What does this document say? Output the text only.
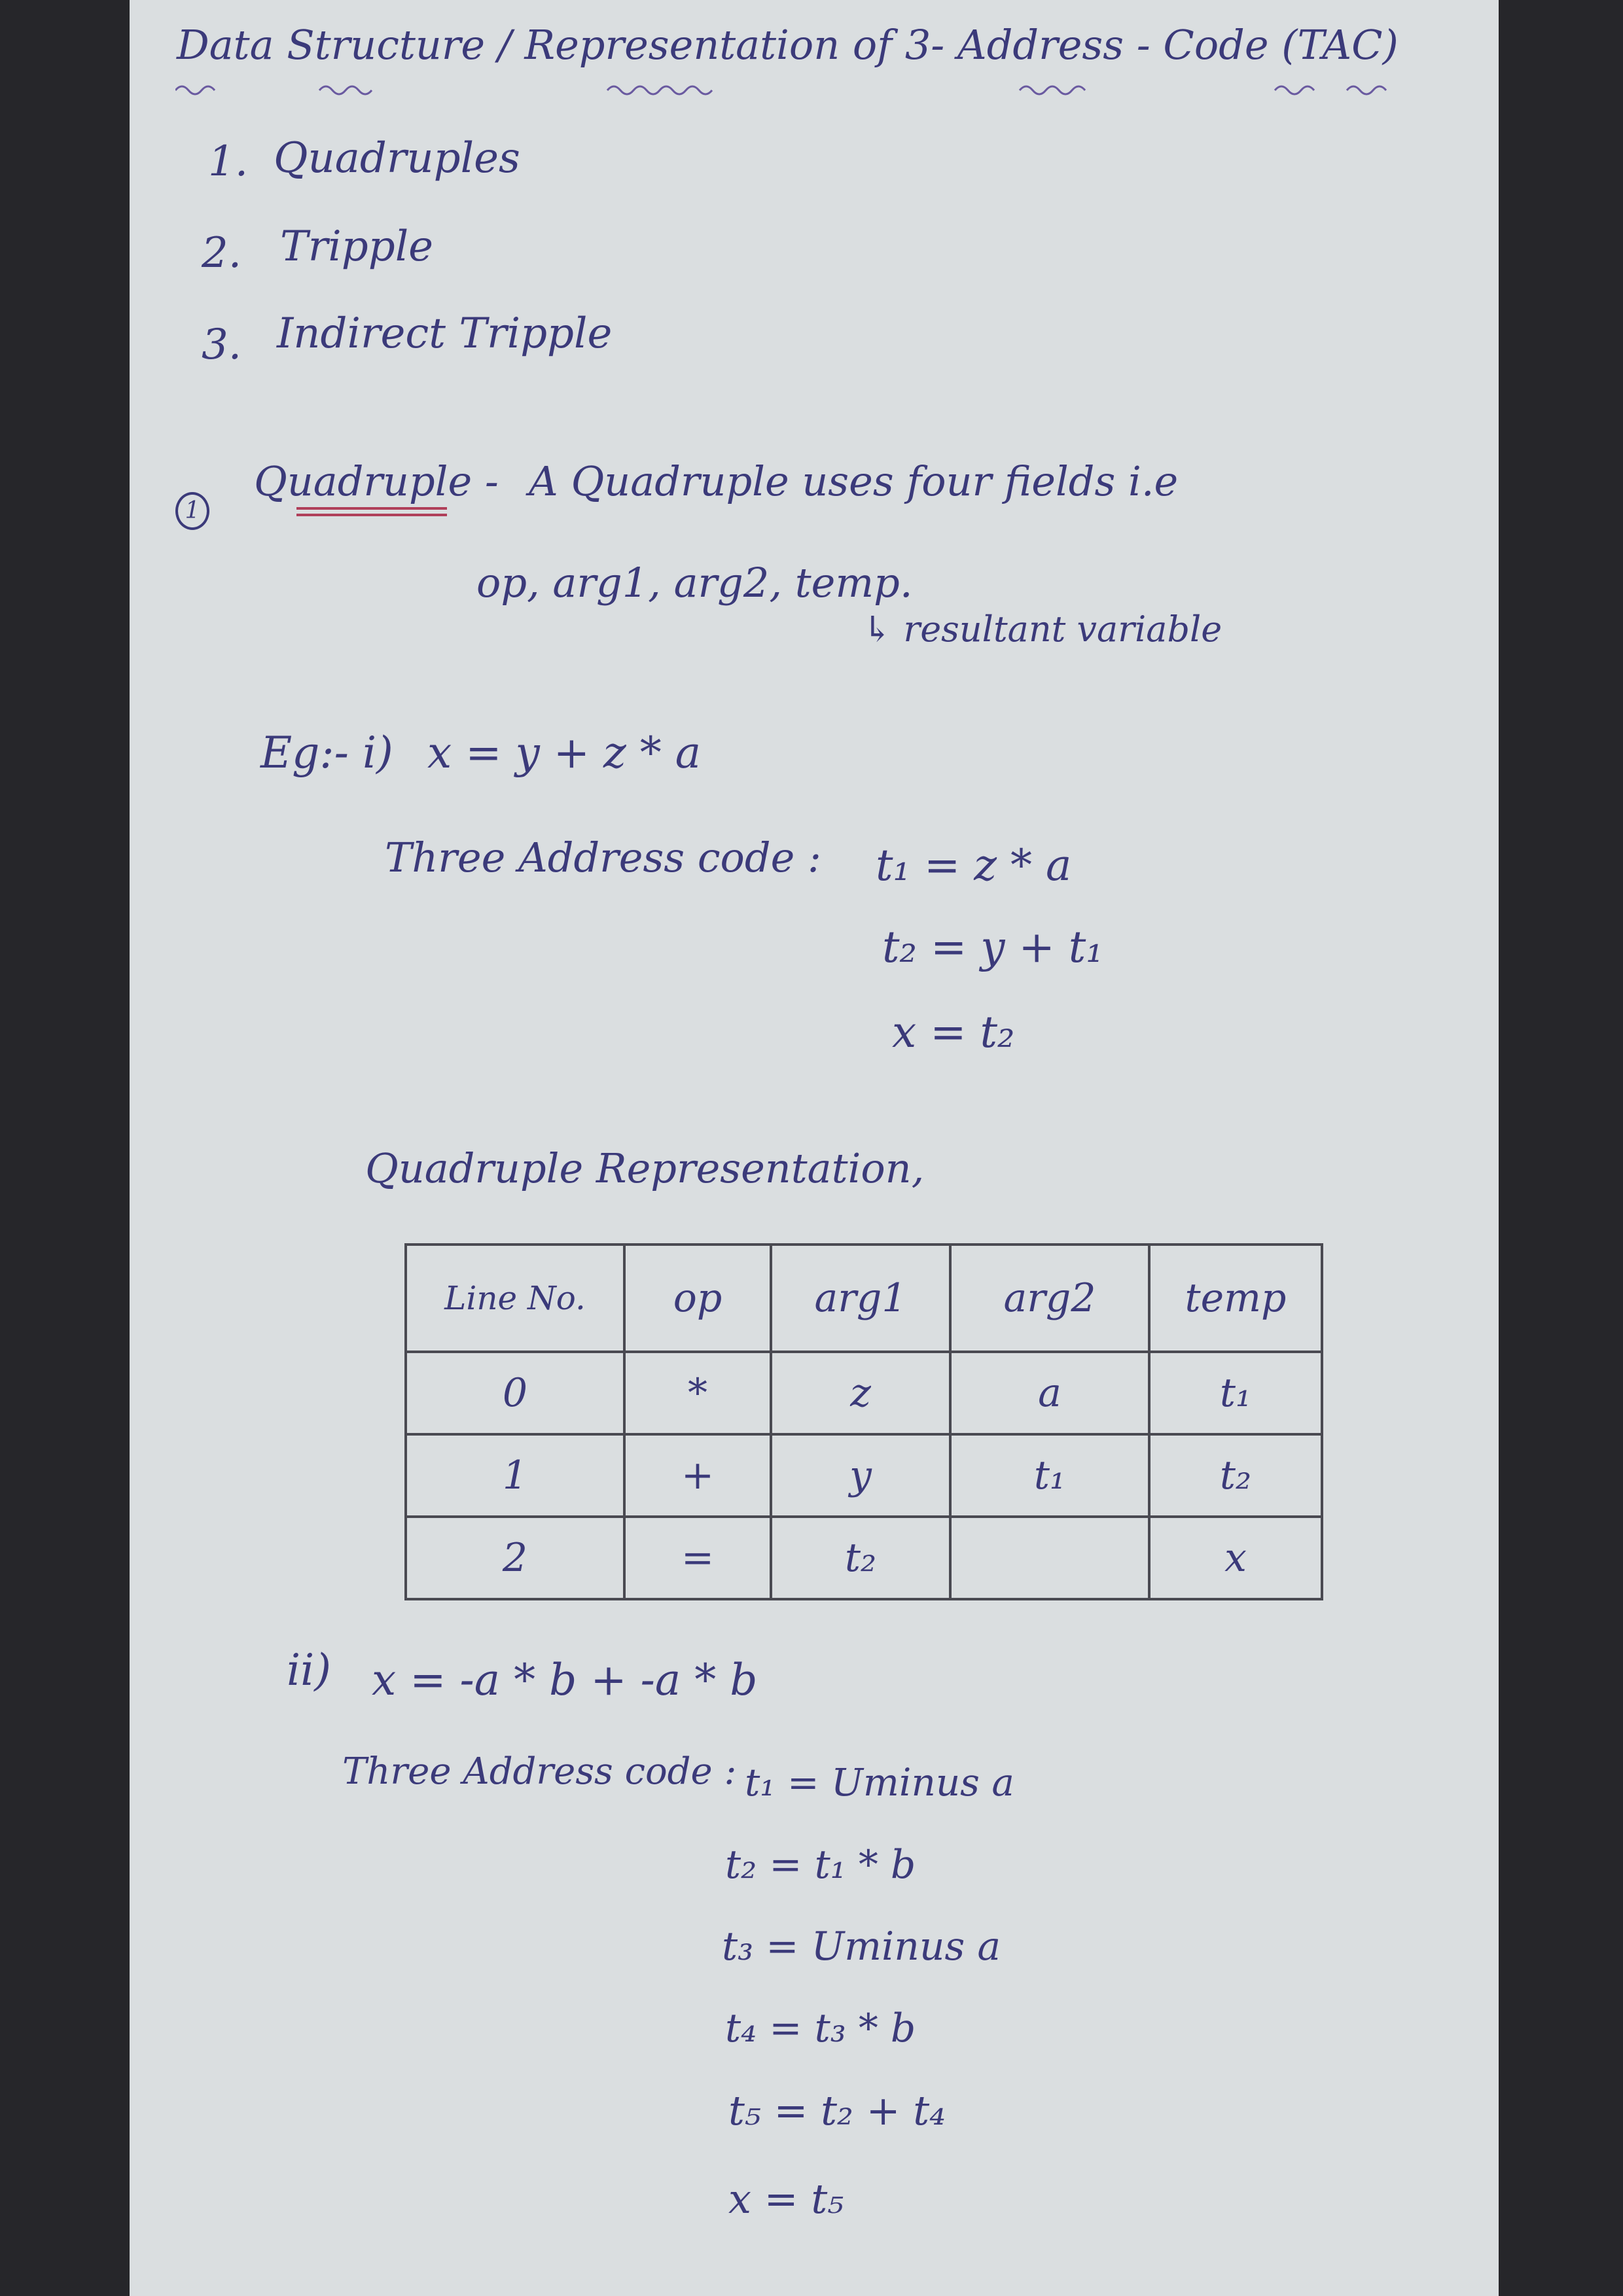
Data Structure / Representation of 3- Address - Code (TAC)
1. Quadruples
2. Tripple
3. Indirect Tripple
1
Quadruple - A Quadruple uses four fields i.e
op, arg1, arg2, temp.
↳ resultant variable
Eg:- i) x = y + z * a
Three Address code : t₁ = z * a
t₂ = y + t₁
x = t₂
Quadruple Representation,
Line No.	op	arg1	arg2	temp
0	*	z	a	t₁
1	+	y	t₁	t₂
2	=	t₂		x
ii) x = -a * b + -a * b
Three Address code : t₁ = Uminus a
t₂ = t₁ * b
t₃ = Uminus a
t₄ = t₃ * b
t₅ = t₂ + t₄
x = t₅
